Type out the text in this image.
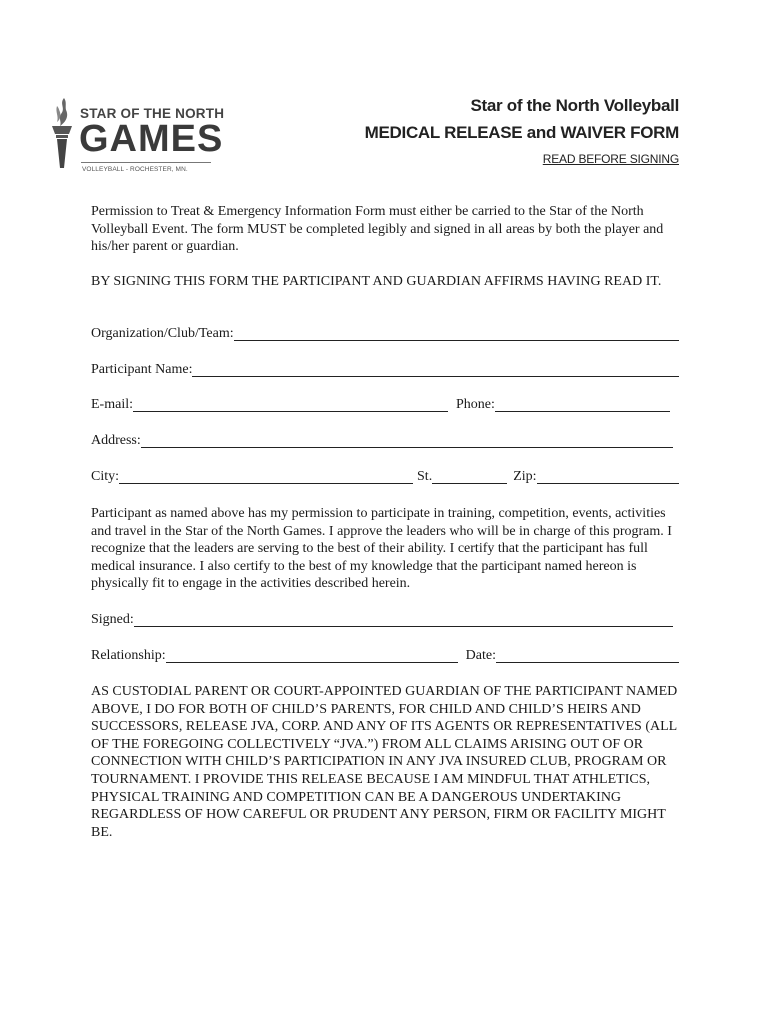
STAR OF THE NORTH
GAMES
VOLLEYBALL - ROCHESTER, MN.
Star of the North Volleyball
MEDICAL RELEASE and WAIVER FORM
READ BEFORE SIGNING
Permission to Treat & Emergency Information Form must either be carried to the Star of the North Volleyball Event. The form MUST be completed legibly and signed in all areas by both the player and his/her parent or guardian.
BY SIGNING THIS FORM THE PARTICIPANT AND GUARDIAN AFFIRMS HAVING READ IT.
Organization/Club/Team:
Participant Name:
E-mail:	Phone:
Address:
City:	St.	Zip:
Participant as named above has my permission to participate in training, competition, events, activities and travel in the Star of the North Games. I approve the leaders who will be in charge of this program. I recognize that the leaders are serving to the best of their ability. I certify that the participant has full medical insurance. I also certify to the best of my knowledge that the participant named hereon is physically fit to engage in the activities described herein.
Signed:
Relationship:	Date:
AS CUSTODIAL PARENT OR COURT-APPOINTED GUARDIAN OF THE PARTICIPANT NAMED ABOVE, I DO FOR BOTH OF CHILD’S PARENTS, FOR CHILD AND CHILD’S HEIRS AND SUCCESSORS, RELEASE JVA, CORP. AND ANY OF ITS AGENTS OR REPRESENTATIVES (ALL OF THE FOREGOING COLLECTIVELY “JVA.”) FROM ALL CLAIMS ARISING OUT OF OR CONNECTION WITH CHILD’S PARTICIPATION IN ANY JVA INSURED CLUB, PROGRAM OR TOURNAMENT. I PROVIDE THIS RELEASE BECAUSE I AM MINDFUL THAT ATHLETICS, PHYSICAL TRAINING AND COMPETITION CAN BE A DANGEROUS UNDERTAKING REGARDLESS OF HOW CAREFUL OR PRUDENT ANY PERSON, FIRM OR FACILITY MIGHT BE.
